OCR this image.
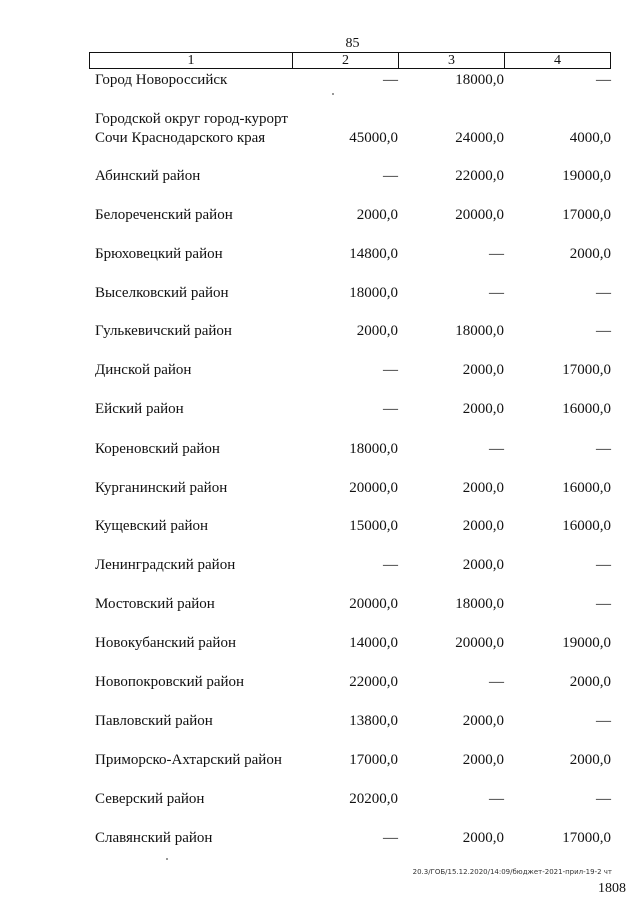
85
1	2	3	4
Город Новороссийск	—	18000,0	—
Городской округ город-курорт
Сочи Краснодарского края	45000,0	24000,0	4000,0
Абинский район	—	22000,0	19000,0
Белореченский район	2000,0	20000,0	17000,0
Брюховецкий район	14800,0	—	2000,0
Выселковский район	18000,0	—	—
Гулькевичский район	2000,0	18000,0	—
Динской район	—	2000,0	17000,0
Ейский район	—	2000,0	16000,0
Кореновский район	18000,0	—	—
Курганинский район	20000,0	2000,0	16000,0
Кущевский район	15000,0	2000,0	16000,0
Ленинградский район	—	2000,0	—
Мостовский район	20000,0	18000,0	—
Новокубанский район	14000,0	20000,0	19000,0
Новопокровский район	22000,0	—	2000,0
Павловский район	13800,0	2000,0	—
Приморско-Ахтарский район	17000,0	2000,0	2000,0
Северский район	20200,0	—	—
Славянский район	—	2000,0	17000,0
20.3/ГОБ/15.12.2020/14:09/бюджет-2021-прил-19-2 чт
1808
